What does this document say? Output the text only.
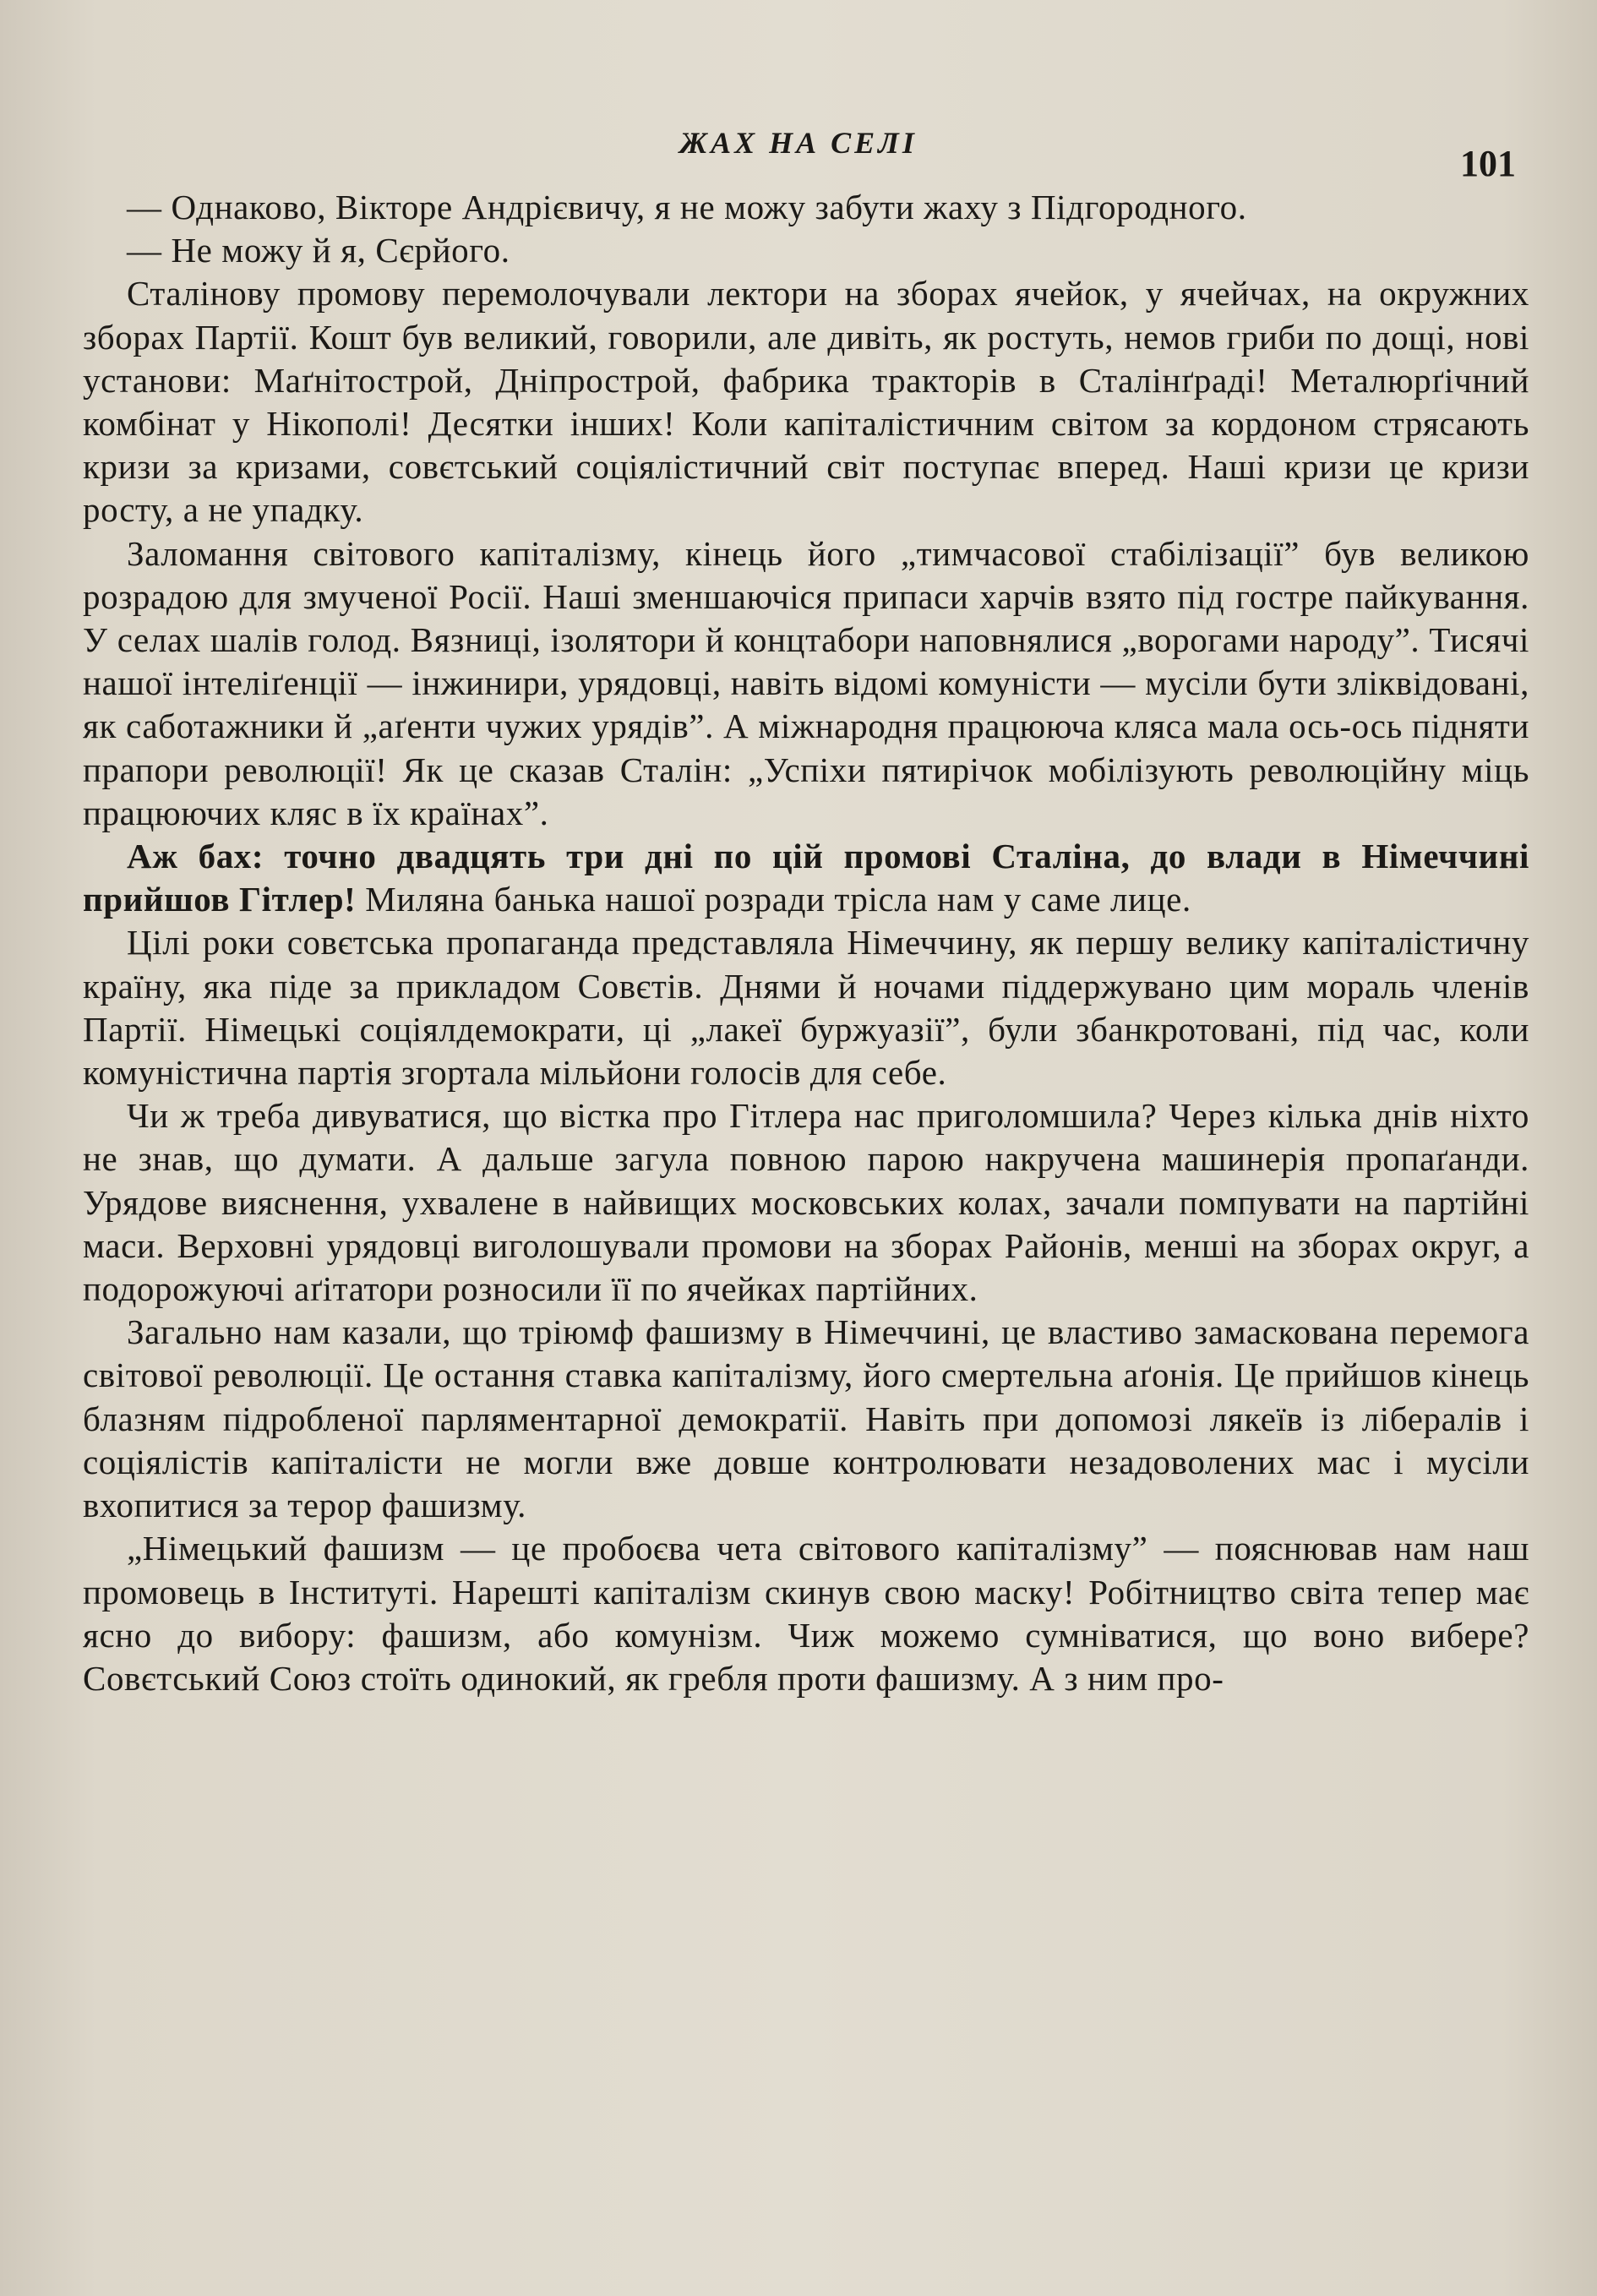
ЖАХ НА СЕЛІ	101

— Однаково, Вікторе Андрієвичу, я не можу забути жаху з Підгородного.

— Не можу й я, Сєрйого.

Сталінову промову перемолочували лектори на зборах ячейок, у ячейчах, на окружних зборах Партії. Кошт був великий, говорили, але дивіть, як ростуть, немов гриби по дощі, нові установи: Маґнітострой, Дніпрострой, фабрика тракторів в Сталінґраді! Металюрґічний комбінат у Нікополі! Десятки інших! Коли капіталістичним світом за кордоном стрясають кризи за кризами, совєтський соціялістичний світ поступає вперед. Наші кризи це кризи росту, а не упадку.

Заломання світового капіталізму, кінець його „тимчасової стабілізації” був великою розрадою для змученої Росії. Наші зменшаючіся припаси харчів взято під гостре пайкування. У селах шалів голод. Вязниці, ізолятори й концтабори наповнялися „ворогами народу”. Тисячі нашої інтеліґенції — інжинири, урядовці, навіть відомі комуністи — мусіли бути зліквідовані, як саботажники й „аґенти чужих урядів”. А міжнародня працююча кляса мала ось-ось підняти прапори революції! Як це сказав Сталін: „Успіхи пятирічок мобілізують революційну міць працюючих кляс в їх країнах”.

Аж бах: точно двадцять три дні по цій промові Сталіна, до влади в Німеччині прийшов Гітлер! Миляна банька нашої розради трісла нам у саме лице.

Цілі роки совєтська пропаганда представляла Німеччину, як першу велику капіталістичну країну, яка піде за прикладом Совєтів. Днями й ночами піддержувано цим мораль членів Партії. Німецькі соціялдемократи, ці „лакеї буржуазії”, були збанкротовані, під час, коли комуністична партія згортала мільйони голосів для себе.

Чи ж треба дивуватися, що вістка про Гітлера нас приголомшила? Через кілька днів ніхто не знав, що думати. А дальше загула повною парою накручена машинерія пропаґанди. Урядове вияснення, ухвалене в найвищих московських колах, зачали помпувати на партійні маси. Верховні урядовці виголошували промови на зборах Районів, менші на зборах округ, а подорожуючі аґітатори розносили її по ячейках партійних.

Загально нам казали, що тріюмф фашизму в Німеччині, це властиво замаскована перемога світової революції. Це остання ставка капіталізму, його смертельна аґонія. Це прийшов кінець блазням підробленої парляментарної демократії. Навіть при допомозі лякеїв із лібералів і соціялістів капіталісти не могли вже довше контролювати незадоволених мас і мусіли вхопитися за терор фашизму.

„Німецький фашизм — це пробоєва чета світового капіталізму” — пояснював нам наш промовець в Інституті. Нарешті капіталізм скинув свою маску! Робітництво світа тепер має ясно до вибору: фашизм, або комунізм. Чиж можемо сумніватися, що воно вибере? Совєтський Союз стоїть одинокий, як гребля проти фашизму. А з ним про-
